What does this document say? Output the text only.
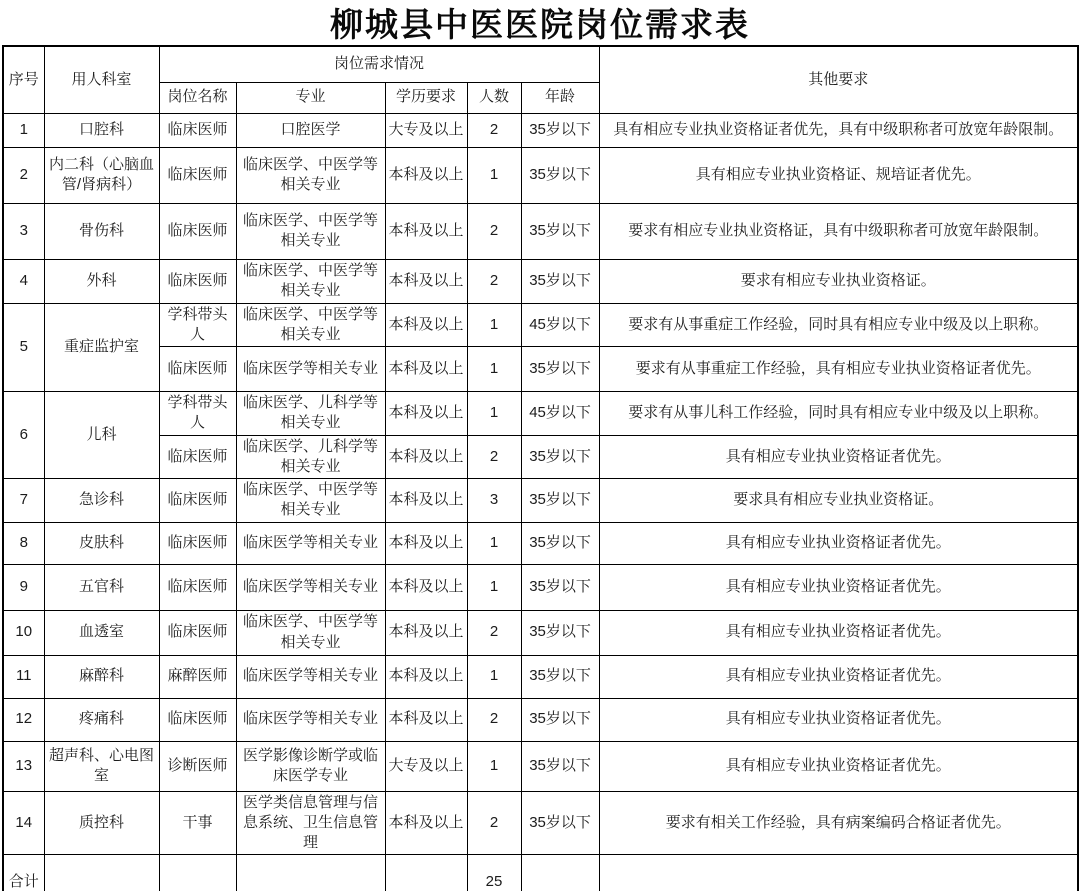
柳城县中医医院岗位需求表
序号	用人科室	岗位需求情况					其他要求
		岗位名称	专业	学历要求	人数	年龄	
1	口腔科	临床医师	口腔医学	大专及以上	2	35岁以下	具有相应专业执业资格证者优先，具有中级职称者可放宽年龄限制。
2	内二科（心脑血管/肾病科）	临床医师	临床医学、中医学等相关专业	本科及以上	1	35岁以下	具有相应专业执业资格证、规培证者优先。
3	骨伤科	临床医师	临床医学、中医学等相关专业	本科及以上	2	35岁以下	要求有相应专业执业资格证，具有中级职称者可放宽年龄限制。
4	外科	临床医师	临床医学、中医学等相关专业	本科及以上	2	35岁以下	要求有相应专业执业资格证。
5	重症监护室	学科带头人	临床医学、中医学等相关专业	本科及以上	1	45岁以下	要求有从事重症工作经验，同时具有相应专业中级及以上职称。
		临床医师	临床医学等相关专业	本科及以上	1	35岁以下	要求有从事重症工作经验，具有相应专业执业资格证者优先。
6	儿科	学科带头人	临床医学、儿科学等相关专业	本科及以上	1	45岁以下	要求有从事儿科工作经验，同时具有相应专业中级及以上职称。
		临床医师	临床医学、儿科学等相关专业	本科及以上	2	35岁以下	具有相应专业执业资格证者优先。
7	急诊科	临床医师	临床医学、中医学等相关专业	本科及以上	3	35岁以下	要求具有相应专业执业资格证。
8	皮肤科	临床医师	临床医学等相关专业	本科及以上	1	35岁以下	具有相应专业执业资格证者优先。
9	五官科	临床医师	临床医学等相关专业	本科及以上	1	35岁以下	具有相应专业执业资格证者优先。
10	血透室	临床医师	临床医学、中医学等相关专业	本科及以上	2	35岁以下	具有相应专业执业资格证者优先。
11	麻醉科	麻醉医师	临床医学等相关专业	本科及以上	1	35岁以下	具有相应专业执业资格证者优先。
12	疼痛科	临床医师	临床医学等相关专业	本科及以上	2	35岁以下	具有相应专业执业资格证者优先。
13	超声科、心电图室	诊断医师	医学影像诊断学或临床医学专业	大专及以上	1	35岁以下	具有相应专业执业资格证者优先。
14	质控科	干事	医学类信息管理与信息系统、卫生信息管理	本科及以上	2	35岁以下	要求有相关工作经验，具有病案编码合格证者优先。
合计					25		
